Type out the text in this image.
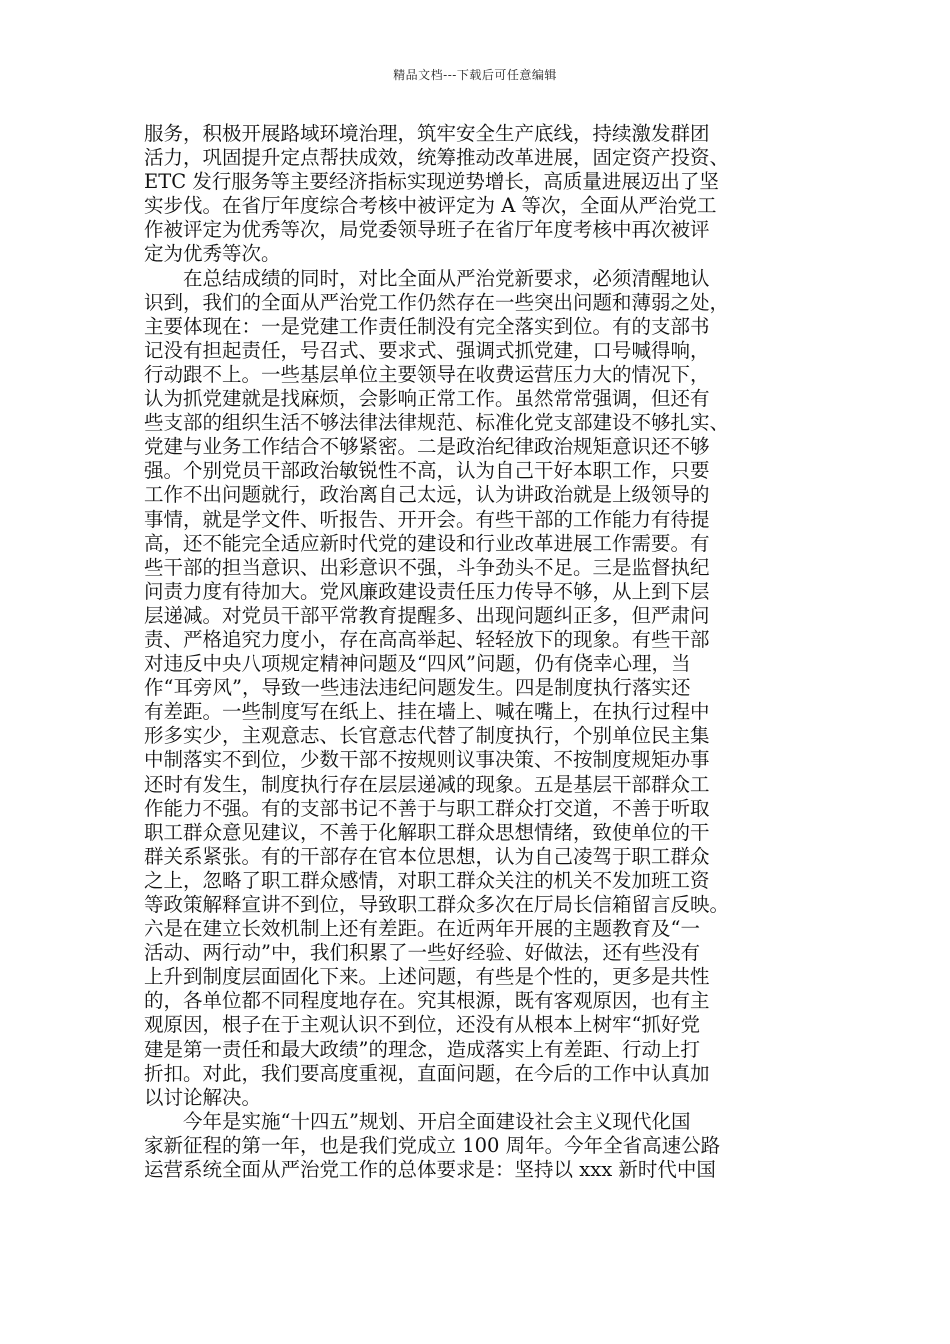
精品文档---下载后可任意编辑

服务，积极开展路域环境治理，筑牢安全生产底线，持续激发群团
活力，巩固提升定点帮扶成效，统筹推动改革进展，固定资产投资、
ETC 发行服务等主要经济指标实现逆势增长，高质量进展迈出了坚
实步伐。在省厅年度综合考核中被评定为 A 等次，全面从严治党工
作被评定为优秀等次，局党委领导班子在省厅年度考核中再次被评
定为优秀等次。

　　在总结成绩的同时，对比全面从严治党新要求，必须清醒地认
识到，我们的全面从严治党工作仍然存在一些突出问题和薄弱之处，
主要体现在：一是党建工作责任制没有完全落实到位。有的支部书
记没有担起责任，号召式、要求式、强调式抓党建，口号喊得响，
行动跟不上。一些基层单位主要领导在收费运营压力大的情况下，
认为抓党建就是找麻烦，会影响正常工作。虽然常常强调，但还有
些支部的组织生活不够法律法律规范、标准化党支部建设不够扎实、
党建与业务工作结合不够紧密。二是政治纪律政治规矩意识还不够
强。个别党员干部政治敏锐性不高，认为自己干好本职工作，只要
工作不出问题就行，政治离自己太远，认为讲政治就是上级领导的
事情，就是学文件、听报告、开开会。有些干部的工作能力有待提
高，还不能完全适应新时代党的建设和行业改革进展工作需要。有
些干部的担当意识、出彩意识不强，斗争劲头不足。三是监督执纪
问责力度有待加大。党风廉政建设责任压力传导不够，从上到下层
层递减。对党员干部平常教育提醒多、出现问题纠正多，但严肃问
责、严格追究力度小，存在高高举起、轻轻放下的现象。有些干部
对违反中央八项规定精神问题及“四风”问题，仍有侥幸心理，当
作“耳旁风”，导致一些违法违纪问题发生。四是制度执行落实还
有差距。一些制度写在纸上、挂在墙上、喊在嘴上，在执行过程中
形多实少，主观意志、长官意志代替了制度执行，个别单位民主集
中制落实不到位，少数干部不按规则议事决策、不按制度规矩办事
还时有发生，制度执行存在层层递减的现象。五是基层干部群众工
作能力不强。有的支部书记不善于与职工群众打交道，不善于听取
职工群众意见建议，不善于化解职工群众思想情绪，致使单位的干
群关系紧张。有的干部存在官本位思想，认为自己凌驾于职工群众
之上，忽略了职工群众感情，对职工群众关注的机关不发加班工资
等政策解释宣讲不到位，导致职工群众多次在厅局长信箱留言反映。
六是在建立长效机制上还有差距。在近两年开展的主题教育及“一
活动、两行动”中，我们积累了一些好经验、好做法，还有些没有
上升到制度层面固化下来。上述问题，有些是个性的，更多是共性
的，各单位都不同程度地存在。究其根源，既有客观原因，也有主
观原因，根子在于主观认识不到位，还没有从根本上树牢“抓好党
建是第一责任和最大政绩”的理念，造成落实上有差距、行动上打
折扣。对此，我们要高度重视，直面问题，在今后的工作中认真加
以讨论解决。

　　今年是实施“十四五”规划、开启全面建设社会主义现代化国
家新征程的第一年，也是我们党成立 100 周年。今年全省高速公路
运营系统全面从严治党工作的总体要求是：坚持以 xxx 新时代中国
